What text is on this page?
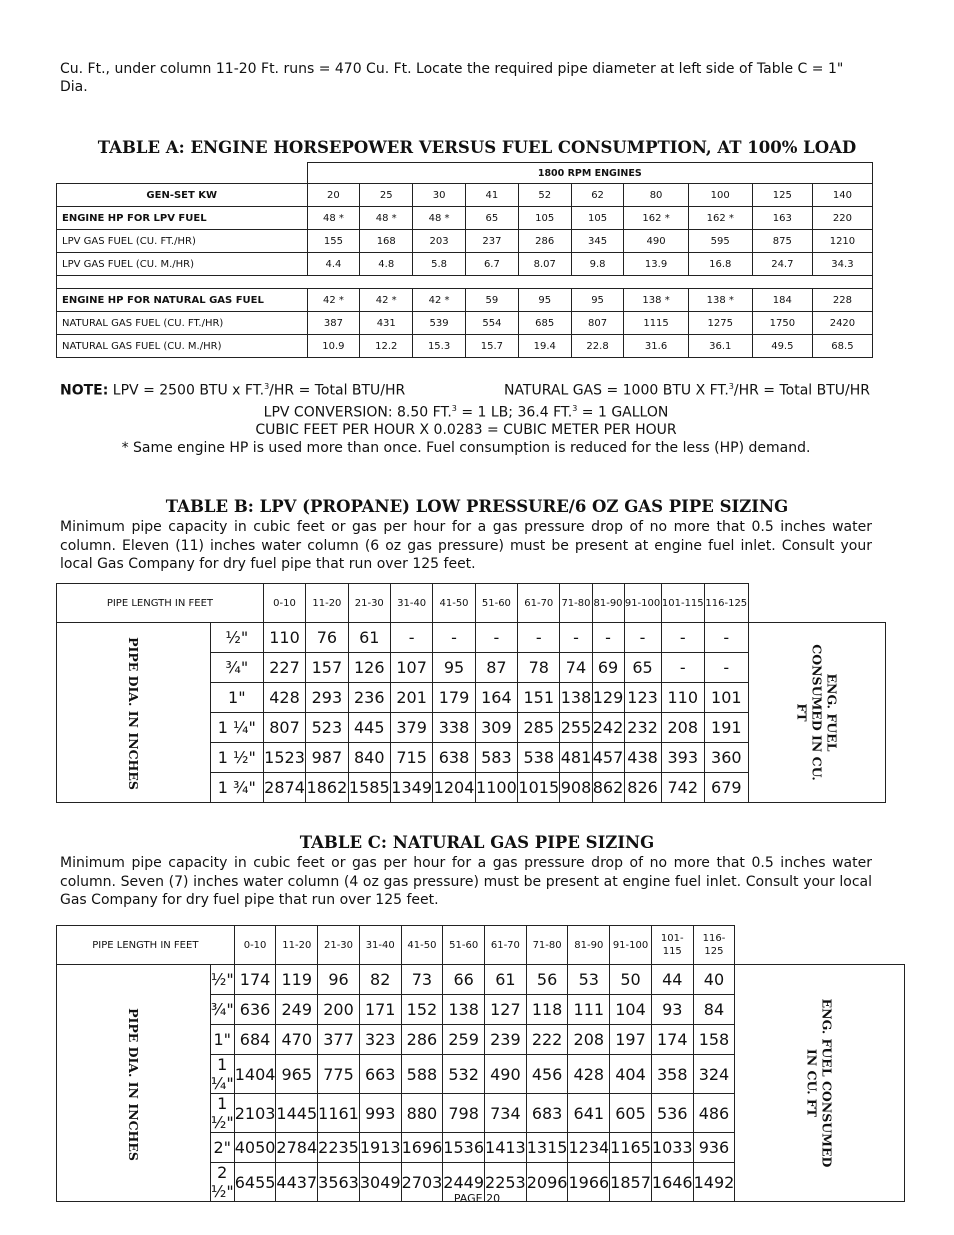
Cu. Ft., under column 11-20 Ft. runs = 470 Cu. Ft. Locate the required pipe diameter at left side of Table C = 1"
Dia.
TABLE A: ENGINE HORSEPOWER VERSUS FUEL CONSUMPTION, AT 100% LOAD
	1800 RPM ENGINES									
GEN-SET KW	20	25	30	41	52	62	80	100	125	140
ENGINE HP FOR LPV FUEL	48 *	48 *	48 *	65	105	105	162 *	162 *	163	220
LPV GAS FUEL (CU. FT./HR)	155	168	203	237	286	345	490	595	875	1210
LPV GAS FUEL (CU. M./HR)	4.4	4.8	5.8	6.7	8.07	9.8	13.9	16.8	24.7	34.3

ENGINE HP FOR NATURAL GAS FUEL	42 *	42 *	42 *	59	95	95	138 *	138 *	184	228
NATURAL GAS FUEL (CU. FT./HR)	387	431	539	554	685	807	1115	1275	1750	2420
NATURAL GAS FUEL (CU. M./HR)	10.9	12.2	15.3	15.7	19.4	22.8	31.6	36.1	49.5	68.5
NOTE: LPV = 2500 BTU x FT.$^3$/HR = Total BTU/HR	NATURAL GAS = 1000 BTU X FT.$^3$/HR = Total BTU/HR
LPV CONVERSION: 8.50 FT.$^3$ = 1 LB; 36.4 FT.$^3$ = 1 GALLON
CUBIC FEET PER HOUR X 0.0283 = CUBIC METER PER HOUR
* Same engine HP is used more than once. Fuel consumption is reduced for the less (HP) demand.
TABLE B: LPV (PROPANE) LOW PRESSURE/6 OZ GAS PIPE SIZING
Minimum pipe capacity in cubic feet or gas per hour for a gas pressure drop of no more that 0.5 inches water column. Eleven (11) inches water column (6 oz gas pressure) must be present at engine fuel inlet. Consult your local Gas Company for dry fuel pipe that run over 125 feet.
PIPE LENGTH IN FEET		0-10	11-20	21-30	31-40	41-50	51-60	61-70	71-80	81-90	91-100	101-115	116-125	
PIPE DIA. IN INCHES	½"	110	76	61	-	-	-	-	-	-	-	-	-	ENG. FUEL
CONSUMED IN CU.
FT

	¾"	227	157	126	107	95	87	78	74	69	65	-	-	
	1"	428	293	236	201	179	164	151	138	129	123	110	101	
	1 ¼"	807	523	445	379	338	309	285	255	242	232	208	191	
	1 ½"	1523	987	840	715	638	583	538	481	457	438	393	360	
	1 ¾"	2874	1862	1585	1349	1204	1100	1015	908	862	826	742	679	
TABLE C: NATURAL GAS PIPE SIZING
Minimum pipe capacity in cubic feet or gas per hour for a gas pressure drop of no more that 0.5 inches water column. Seven (7) inches water column (4 oz gas pressure) must be present at engine fuel inlet. Consult your local Gas Company for dry fuel pipe that run over 125 feet.
PIPE LENGTH IN FEET		0-10	11-20	21-30	31-40	41-50	51-60	61-70	71-80	81-90	91-100	101-115	116-125	
PIPE DIA. IN INCHES	½"	174	119	96	82	73	66	61	56	53	50	44	40	ENG. FUEL CONSUMED
IN CU. FT

	¾"	636	249	200	171	152	138	127	118	111	104	93	84	
	1"	684	470	377	323	286	259	239	222	208	197	174	158	
	1 ¼"	1404	965	775	663	588	532	490	456	428	404	358	324	
	1 ½"	2103	1445	1161	993	880	798	734	683	641	605	536	486	
	2"	4050	2784	2235	1913	1696	1536	1413	1315	1234	1165	1033	936	
	2 ½"	6455	4437	3563	3049	2703	2449	2253	2096	1966	1857	1646	1492	
PAGE 20
